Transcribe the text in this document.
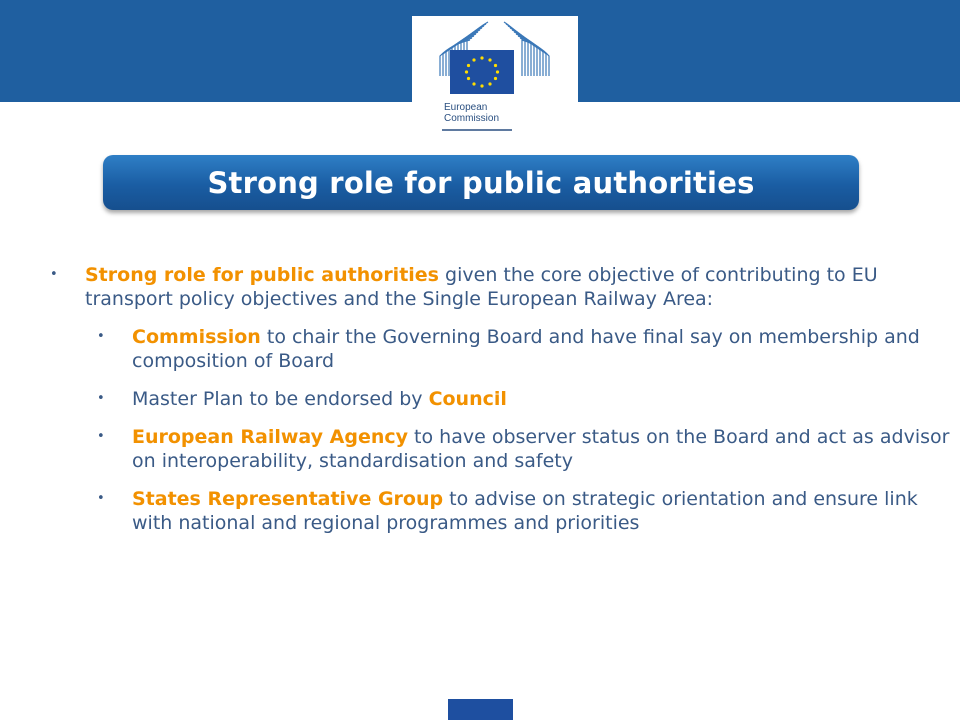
European
Commission
Strong role for public authorities

• Strong role for public authorities given the core objective of contributing to EU transport policy objectives and the Single European Railway Area:

• Commission to chair the Governing Board and have final say on membership and composition of Board

• Master Plan to be endorsed by Council

• European Railway Agency to have observer status on the Board and act as advisor on interoperability, standardisation and safety

• States Representative Group to advise on strategic orientation and ensure link with national and regional programmes and priorities
